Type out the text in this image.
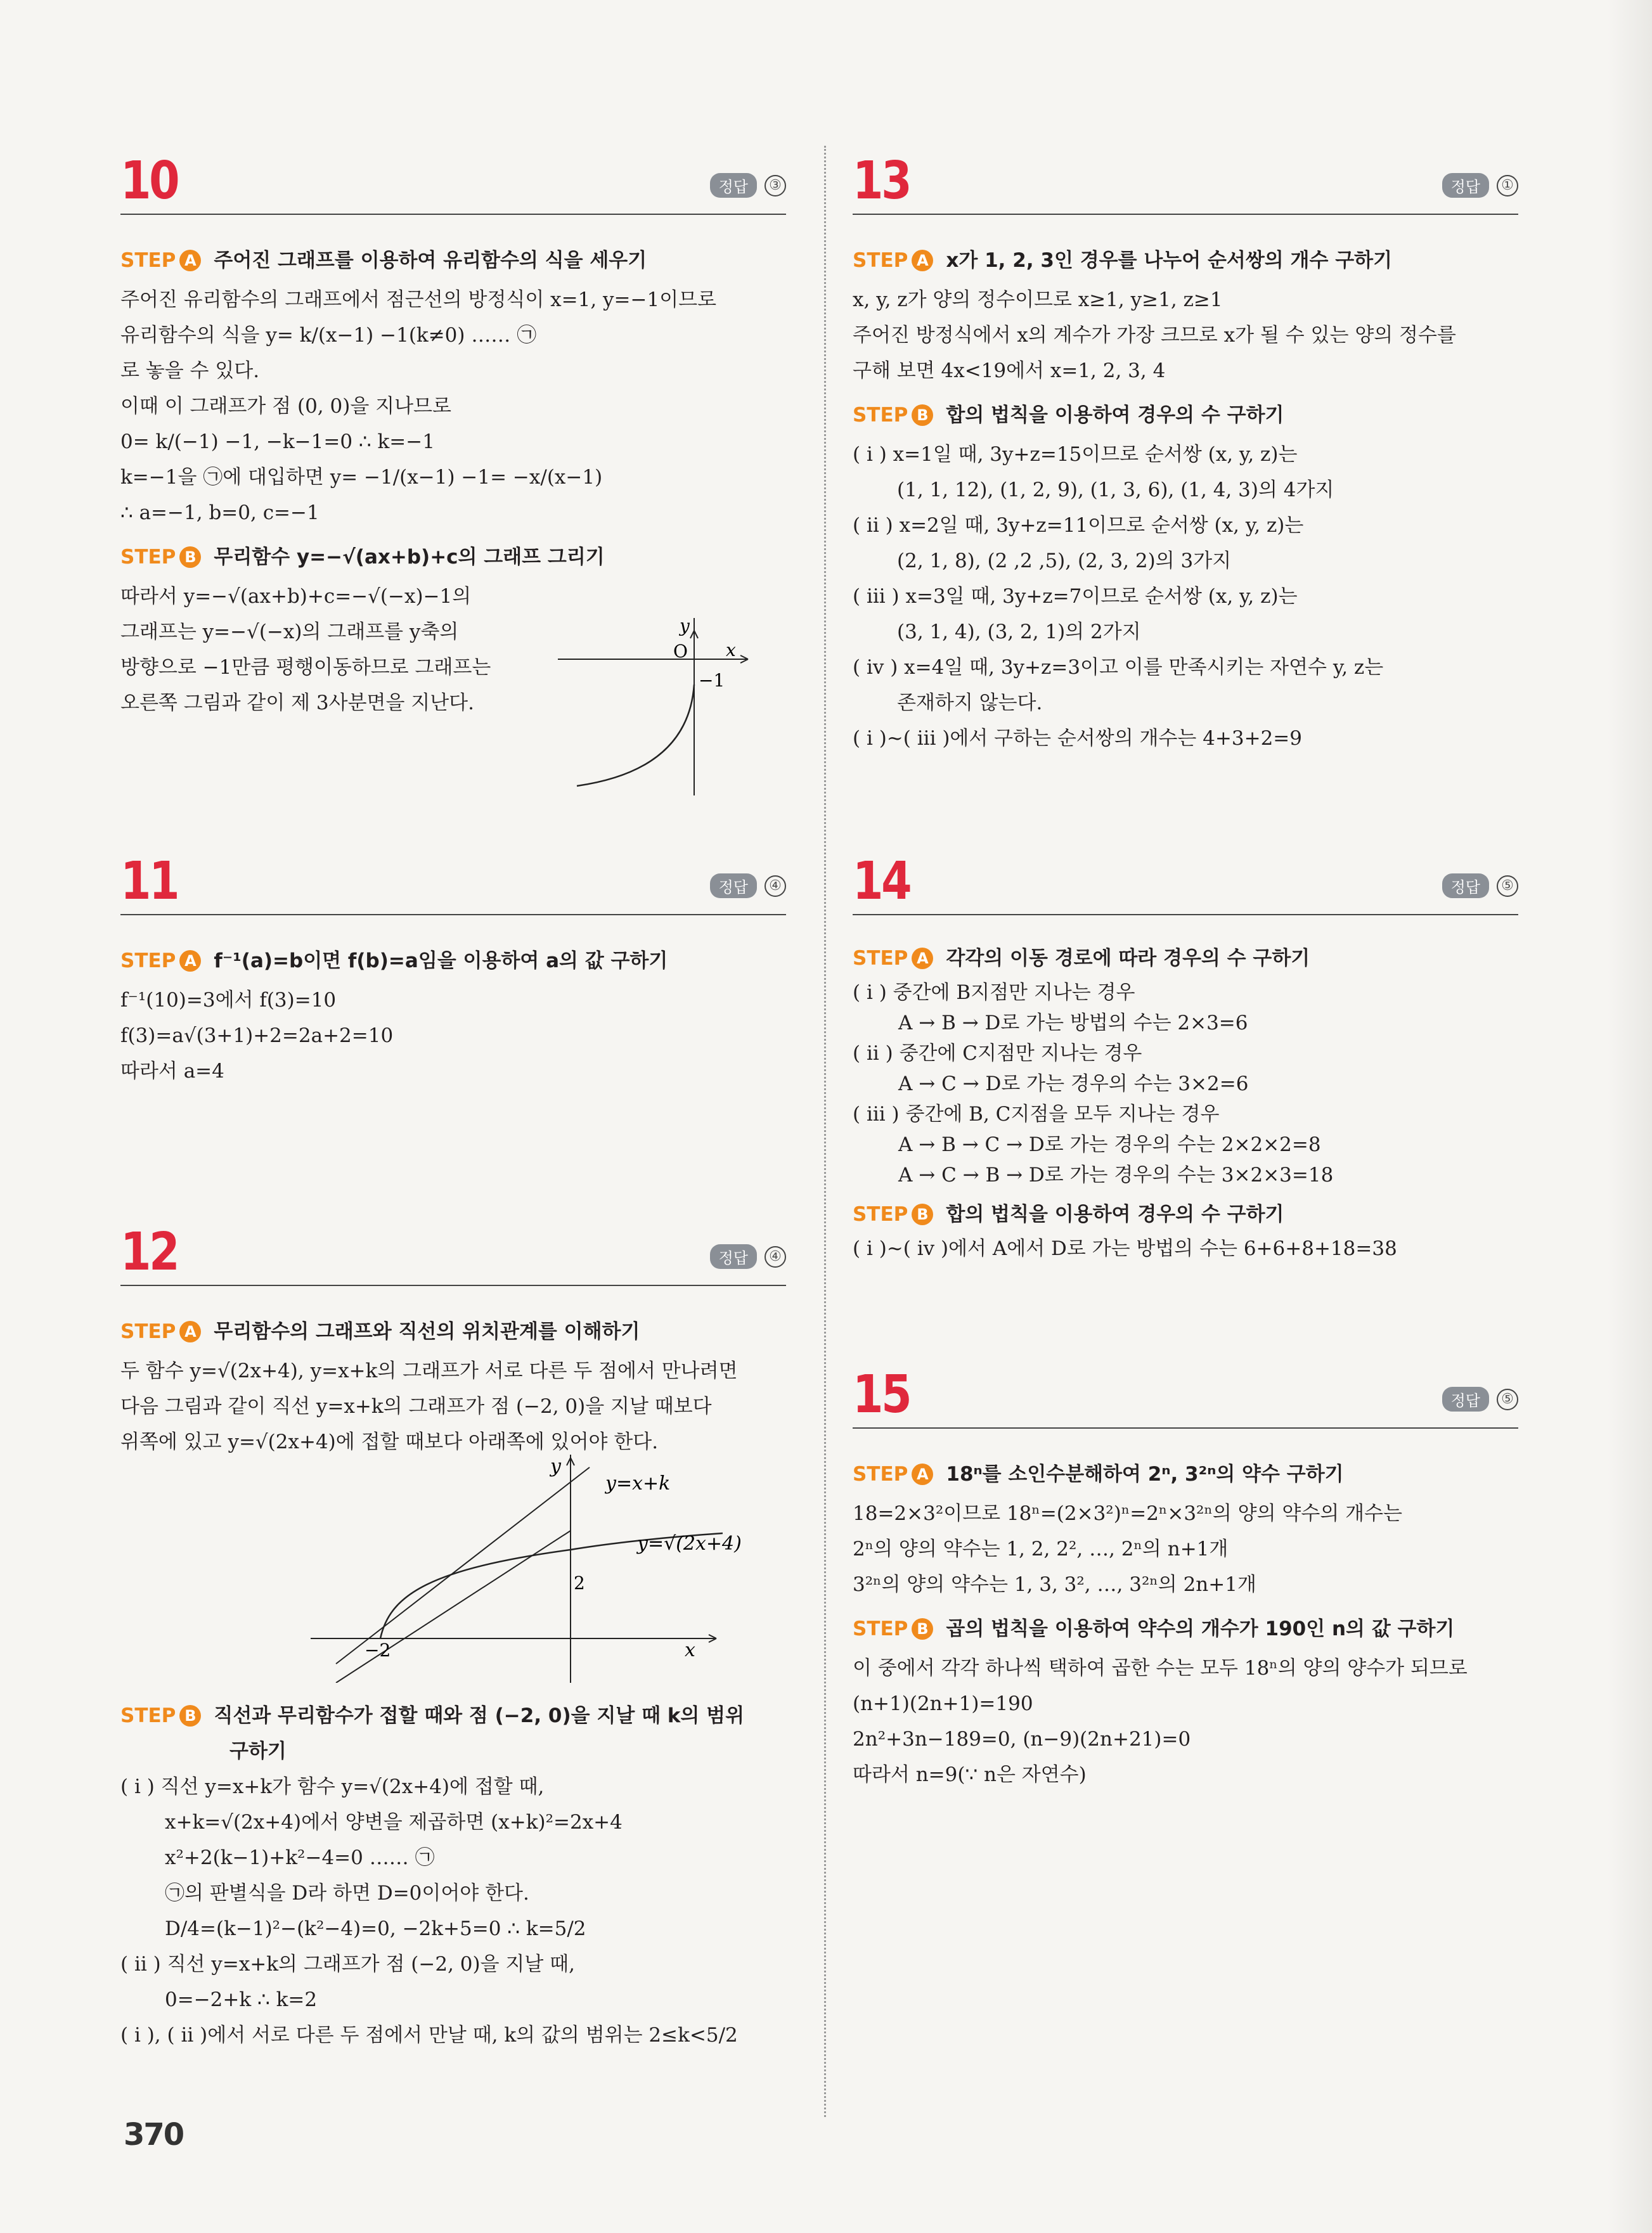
10	정답	③
STEP A 주어진 그래프를 이용하여 유리함수의 식을 세우기
주어진 유리함수의 그래프에서 점근선의 방정식이 x=1, y=−1이므로
유리함수의 식을 y= k/(x−1) −1(k≠0) …… ㉠
로 놓을 수 있다.
이때 이 그래프가 점 (0, 0)을 지나므로
0= k/(−1) −1, −k−1=0 ∴ k=−1
k=−1을 ㉠에 대입하면 y= −1/(x−1) −1= −x/(x−1)
∴ a=−1, b=0, c=−1
STEP B 무리함수 y=−√(ax+b)+c의 그래프 그리기
따라서 y=−√(ax+b)+c=−√(−x)−1의
그래프는 y=−√(−x)의 그래프를 y축의
방향으로 −1만큼 평행이동하므로 그래프는
오른쪽 그림과 같이 제 3사분면을 지난다.
y
x
O
−1
11	정답	④
STEP A f⁻¹(a)=b이면 f(b)=a임을 이용하여 a의 값 구하기
f⁻¹(10)=3에서 f(3)=10
f(3)=a√(3+1)+2=2a+2=10
따라서 a=4
12	정답	④
STEP A 무리함수의 그래프와 직선의 위치관계를 이해하기
두 함수 y=√(2x+4), y=x+k의 그래프가 서로 다른 두 점에서 만나려면
다음 그림과 같이 직선 y=x+k의 그래프가 점 (−2, 0)을 지날 때보다
위쪽에 있고 y=√(2x+4)에 접할 때보다 아래쪽에 있어야 한다.
STEP B 직선과 무리함수가 접할 때와 점 (−2, 0)을 지날 때 k의 범위
구하기
( i ) 직선 y=x+k가 함수 y=√(2x+4)에 접할 때,
x+k=√(2x+4)에서 양변을 제곱하면 (x+k)²=2x+4
x²+2(k−1)+k²−4=0 …… ㉠
㉠의 판별식을 D라 하면 D=0이어야 한다.
D/4=(k−1)²−(k²−4)=0, −2k+5=0 ∴ k=5/2
( ii ) 직선 y=x+k의 그래프가 점 (−2, 0)을 지날 때,
0=−2+k ∴ k=2
( i ), ( ii )에서 서로 다른 두 점에서 만날 때, k의 값의 범위는 2≤k<5/2
y=x+k
y=√(2x+4)
2
−2	x
y
13	정답	①
STEP A x가 1, 2, 3인 경우를 나누어 순서쌍의 개수 구하기
x, y, z가 양의 정수이므로 x≥1, y≥1, z≥1
주어진 방정식에서 x의 계수가 가장 크므로 x가 될 수 있는 양의 정수를
구해 보면 4x<19에서 x=1, 2, 3, 4
STEP B 합의 법칙을 이용하여 경우의 수 구하기
( i ) x=1일 때, 3y+z=15이므로 순서쌍 (x, y, z)는
(1, 1, 12), (1, 2, 9), (1, 3, 6), (1, 4, 3)의 4가지
( ii ) x=2일 때, 3y+z=11이므로 순서쌍 (x, y, z)는
(2, 1, 8), (2 ,2 ,5), (2, 3, 2)의 3가지
( iii ) x=3일 때, 3y+z=7이므로 순서쌍 (x, y, z)는
(3, 1, 4), (3, 2, 1)의 2가지
( iv ) x=4일 때, 3y+z=3이고 이를 만족시키는 자연수 y, z는
존재하지 않는다.
( i )~( iii )에서 구하는 순서쌍의 개수는 4+3+2=9
14	정답	⑤
STEP A 각각의 이동 경로에 따라 경우의 수 구하기
( i ) 중간에 B지점만 지나는 경우
A → B → D로 가는 방법의 수는 2×3=6
( ii ) 중간에 C지점만 지나는 경우
A → C → D로 가는 경우의 수는 3×2=6
( iii ) 중간에 B, C지점을 모두 지나는 경우
A → B → C → D로 가는 경우의 수는 2×2×2=8
A → C → B → D로 가는 경우의 수는 3×2×3=18
STEP B 합의 법칙을 이용하여 경우의 수 구하기
( i )~( iv )에서 A에서 D로 가는 방법의 수는 6+6+8+18=38
15	정답	⑤
STEP A 18ⁿ를 소인수분해하여 2ⁿ, 3²ⁿ의 약수 구하기
18=2×3²이므로 18ⁿ=(2×3²)ⁿ=2ⁿ×3²ⁿ의 양의 약수의 개수는
2ⁿ의 양의 약수는 1, 2, 2², …, 2ⁿ의 n+1개
3²ⁿ의 양의 약수는 1, 3, 3², …, 3²ⁿ의 2n+1개
STEP B 곱의 법칙을 이용하여 약수의 개수가 190인 n의 값 구하기
이 중에서 각각 하나씩 택하여 곱한 수는 모두 18ⁿ의 양의 양수가 되므로
(n+1)(2n+1)=190
2n²+3n−189=0, (n−9)(2n+21)=0
따라서 n=9(∵ n은 자연수)
370
